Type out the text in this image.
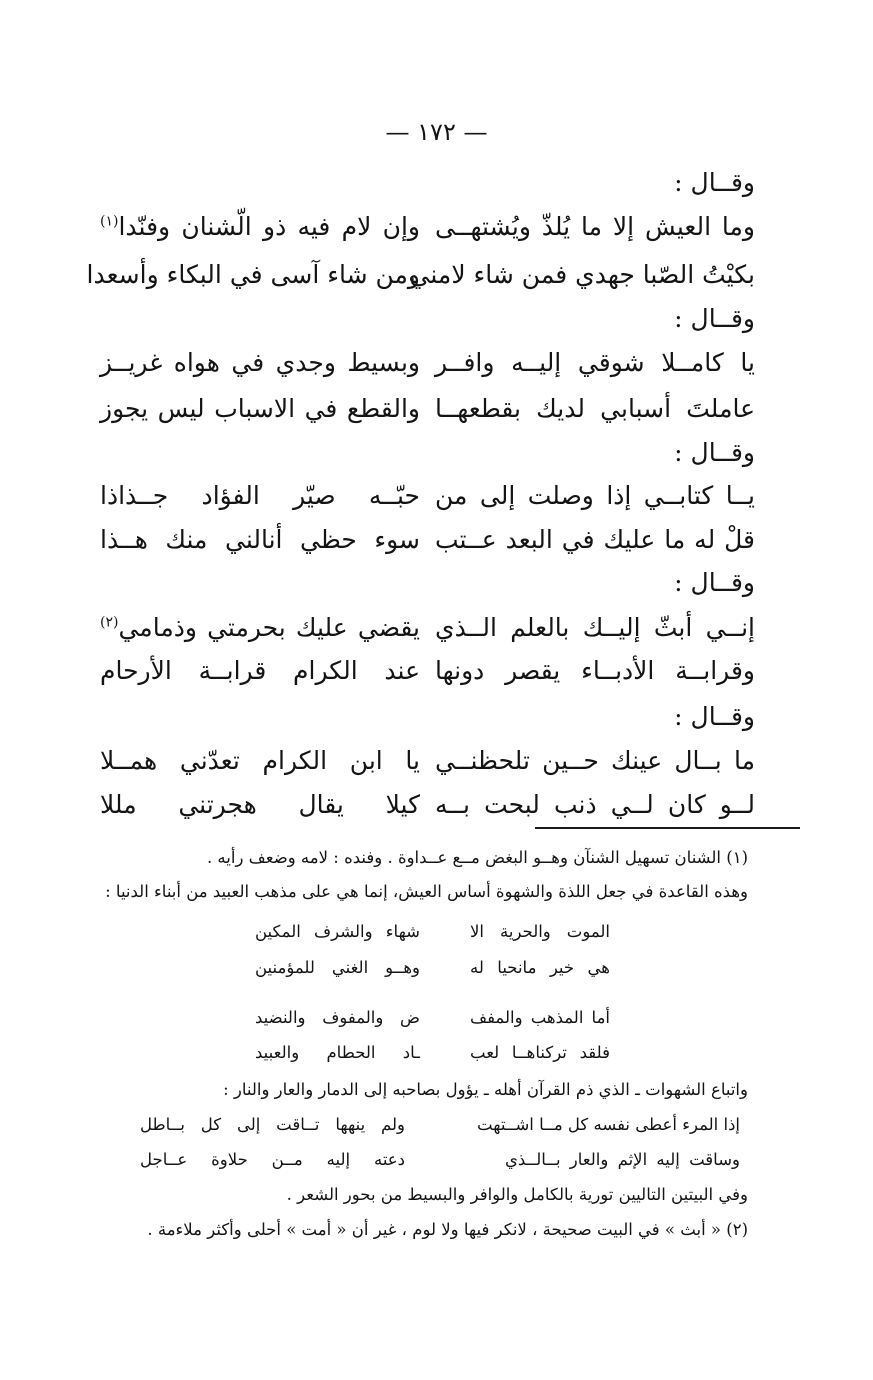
— ١٧٢ —
وقــال :
وما العيش إلا ما يُلذّ ويُشتهــى
وإن لام فيه ذو الّشنان وفنّدا$^{(١)}$
بكيْتُ الصّبا جهدي فمن شاء لامني
ومن شاء آسى في البكاء وأسعدا
وقــال :
يا كامــلا شوقي إليــه وافــر
وبسيط وجدي في هواه غريــز
عاملتَ أسبابي لديك بقطعهــا
والقطع في الاسباب ليس يجوز
وقــال :
يــا كتابــي إذا وصلت إلى من
حبّــه صيّر الفؤاد جــذاذا
قلْ له ما عليك في البعد عــتب
سوء حظي أنالني منك هــذا
وقــال :
إنــي أبثّ إليــك بالعلم الــذي
يقضي عليك بحرمتي وذمامي$^{(٢)}$
وقرابــة الأدبــاء يقصر دونها
عند الكرام قرابــة الأرحام
وقــال :
ما بــال عينك حــين تلحظنــي
يا ابن الكرام تعدّني همــلا
لــو كان لــي ذنب لبحت بــه
كيلا يقال هجرتني مللا
(١) الشنان تسهيل الشنآن وهــو البغض مــع عــداوة . وفنده : لامه وضعف رأيه .
وهذه القاعدة في جعل اللذة والشهوة أساس العيش، إنما هي على مذهب العبيد من أبناء الدنيا :
الموت والحرية الا
شهاء والشرف المكين
هي خير مانحيا له
وهــو الغني للمؤمنين
أما المذهب والمفف
ض والمفوف والنضيد
فلقد تركناهــا لعب
ـاد الحطام والعبيد
واتباع الشهوات ـ الذي ذم القرآن أهله ـ يؤول بصاحبه إلى الدمار والعار والنار :
إذا المرء أعطى نفسه كل مــا اشــتهت
ولم ينهها تــاقت إلى كل بــاطل
وساقت إليه الإثم والعار بــالــذي
دعته إليه مــن حلاوة عــاجل
وفي البيتين التاليين تورية بالكامل والوافر والبسيط من بحور الشعر .
(٢) « أبث » في البيت صحيحة ، لانكر فيها ولا لوم ، غير أن « أمت » أحلى وأكثر ملاءمة .
